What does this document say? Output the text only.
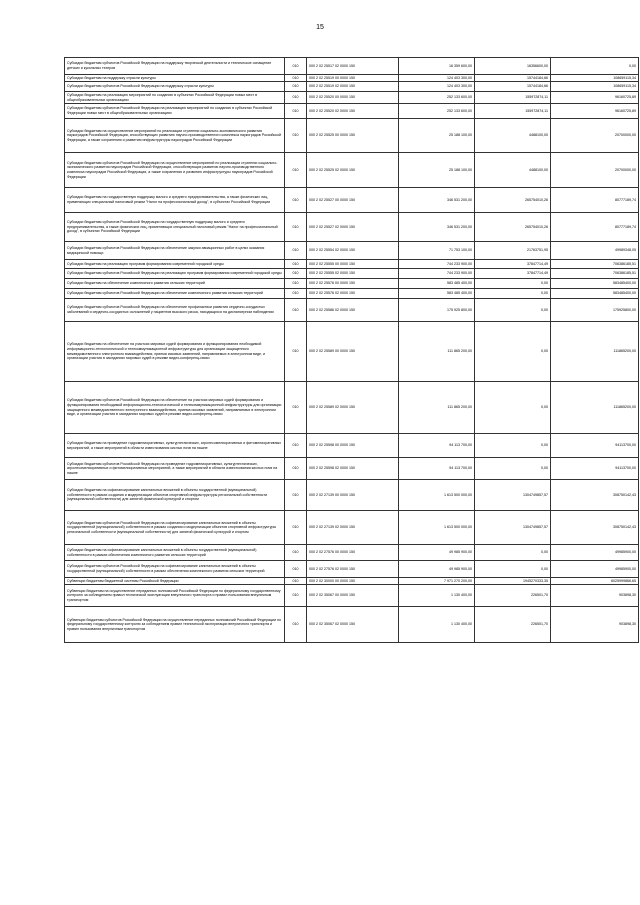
15
Субсидии бюджетам субъектов Российской Федерации на поддержку творческой деятельности и техническое оснащение детских и кукольных театров	010	000 2 02 25517 02 0000 150	16 359 600,00	16356600,00	0,00
Субсидии бюджетам на поддержку отрасли культуры	010	000 2 02 25519 00 0000 150	124 403 300,00	15744184,66	108659115,34
Субсидии бюджетам субъектов Российской Федерации на поддержку отрасли культуры	010	000 2 02 25519 02 0000 150	124 403 300,00	15744184,66	108659115,34
Субсидии бюджетам на реализацию мероприятий по созданию в субъектах Российской Федерации новых мест в общеобразовательных организациях	010	000 2 02 25520 00 0000 150	252 133 600,00	155972874,11	96160725,89
Субсидии бюджетам субъектов Российской Федерации на реализацию мероприятий по созданию в субъектах Российской Федерации новых мест в общеобразовательных организациях	010	000 2 02 25520 02 0000 150	252 133 600,00	155972874,11	96160725,89
Субсидии бюджетам на осуществление мероприятий по реализации стратегии социально-экономического развития наукоградов Российской Федерации, способствующих развитию научно-производственного комплекса наукоградов Российской Федерации, а также сохранению и развитию инфраструктуры наукоградов Российской Федерации	010	000 2 02 25525 00 0000 150	25 188 100,00	4488100,00	20700000,00
Субсидии бюджетам субъектов Российской Федерации на осуществление мероприятий по реализации стратегии социально-экономического развития наукоградов Российской Федерации, способствующих развитию научно-производственного комплекса наукоградов Российской Федерации, а также сохранению и развитию инфраструктуры наукоградов Российской Федерации	010	000 2 02 25525 02 0000 150	25 188 100,00	4488100,00	20700000,00
Субсидии бюджетам на государственную поддержку малого и среднего предпринимательства, а также физических лиц, применяющих специальный налоговый режим "Налог на профессиональный доход", в субъектах Российской Федерации	010	000 2 02 25527 00 0000 150	346 531 200,00	265754010,26	80777189,74
Субсидии бюджетам субъектов Российской Федерации на государственную поддержку малого и среднего предпринимательства, а также физических лиц, применяющих специальный налоговый режим "Налог на профессиональный доход", в субъектах Российской Федерации	010	000 2 02 25527 02 0000 150	346 531 200,00	265754010,26	80777189,74
Субсидии бюджетам субъектов Российской Федерации на обеспечение закупки авиационных работ в целях оказания медицинской помощи	010	000 2 02 25554 02 0000 150	71 753 100,00	21763751,95	49989348,05
Субсидии бюджетам на реализацию программ формирования современной городской среды	010	000 2 02 25555 00 0000 150	744 233 900,00	37847714,49	706386185,51
Субсидии бюджетам субъектов Российской Федерации на реализацию программ формирования современной городской среды	010	000 2 02 25555 02 0000 150	744 233 900,00	37847714,49	706386185,51
Субсидии бюджетам на обеспечение комплексного развития сельских территорий	010	000 2 02 25576 00 0000 150	583 485 400,00	0,00	583485400,00
Субсидии бюджетам субъектов Российской Федерации на обеспечение комплексного развития сельских территорий	010	000 2 02 25576 02 0000 150	583 485 400,00	0,00	583485400,00
Субсидии бюджетам субъектов Российской Федерации на обеспечение профилактики развития сердечно-сосудистых заболеваний и сердечно-сосудистых осложнений у пациентов высокого риска, находящихся на диспансерном наблюдении	010	000 2 02 25586 02 0000 150	175 925 800,00	0,00	175925800,00
Субсидии бюджетам на обеспечение на участках мировых судей формирования и функционирования необходимой информационно-технологической и телекоммуникационной инфраструктуры для организации защищенного межведомственного электронного взаимодействия, приема исковых заявлений, направляемых в электронном виде, и организации участия в заседаниях мировых судей в режиме видео-конференц-связи	010	000 2 02 25589 00 0000 150	111 865 200,00	0,00	111865200,00
Субсидии бюджетам субъектов Российской Федерации на обеспечение на участках мировых судей формирования и функционирования необходимой информационно-технологической и телекоммуникационной инфраструктуры для организации защищенного межведомственного электронного взаимодействия, приема исковых заявлений, направляемых в электронном виде, и организации участия в заседаниях мировых судей в режиме видео-конференц-связи	010	000 2 02 25589 02 0000 150	111 865 200,00	0,00	111865200,00
Субсидии бюджетам на проведение гидромелиоративных, культуртехнических, агролесомелиоративных и фитомелиоративных мероприятий, а также мероприятий в области известкования кислых почв на пашне	010	000 2 02 25598 00 0000 150	94 113 700,00	0,00	94113700,00
Субсидии бюджетам субъектов Российской Федерации на проведение гидромелиоративных, культуртехнических, агролесомелиоративных и фитомелиоративных мероприятий, а также мероприятий в области известкования кислых почв на пашне	010	000 2 02 25598 02 0000 150	94 113 700,00	0,00	94113700,00
Субсидии бюджетам на софинансирование капитальных вложений в объекты государственной (муниципальной) собственности в рамках создания и модернизации объектов спортивной инфраструктуры региональной собственности (муниципальной собственности) для занятий физической культурой и спортом	010	000 2 02 27139 00 0000 150	1 613 500 000,00	1304749857,57	308750142,43
Субсидии бюджетам субъектов Российской Федерации на софинансирование капитальных вложений в объекты государственной (муниципальной) собственности в рамках создания и модернизации объектов спортивной инфраструктуры региональной собственности (муниципальной собственности) для занятий физической культурой и спортом	010	000 2 02 27139 02 0000 150	1 613 500 000,00	1304749857,57	308750142,43
Субсидии бюджетам на софинансирование капитальных вложений в объекты государственной (муниципальной) собственности в рамках обеспечения комплексного развития сельских территорий	010	000 2 02 27576 00 0000 150	49 985 900,00	0,00	49985900,00
Субсидии бюджетам субъектов Российской Федерации на софинансирование капитальных вложений в объекты государственной (муниципальной) собственности в рамках обеспечения комплексного развития сельских территорий	010	000 2 02 27576 02 0000 150	49 985 900,00	0,00	49985900,00
Субвенции бюджетам бюджетной системы Российской Федерации	010	000 2 02 30000 00 0000 150	7 971 270 200,00	1945270333,35	6025999866,65
Субвенции бюджетам на осуществление переданных полномочий Российской Федерации по федеральному государственному контролю за соблюдением правил технической эксплуатации внеуличного транспорта и правил пользования внеуличным транспортом	010	000 2 02 35067 00 0000 150	1 130 400,00	226501,70	903898,30
Субвенции бюджетам субъектов Российской Федерации на осуществление переданных полномочий Российской Федерации по федеральному государственному контролю за соблюдением правил технической эксплуатации внеуличного транспорта и правил пользования внеуличным транспортом	010	000 2 02 35067 02 0000 150	1 130 400,00	226501,70	903898,30
